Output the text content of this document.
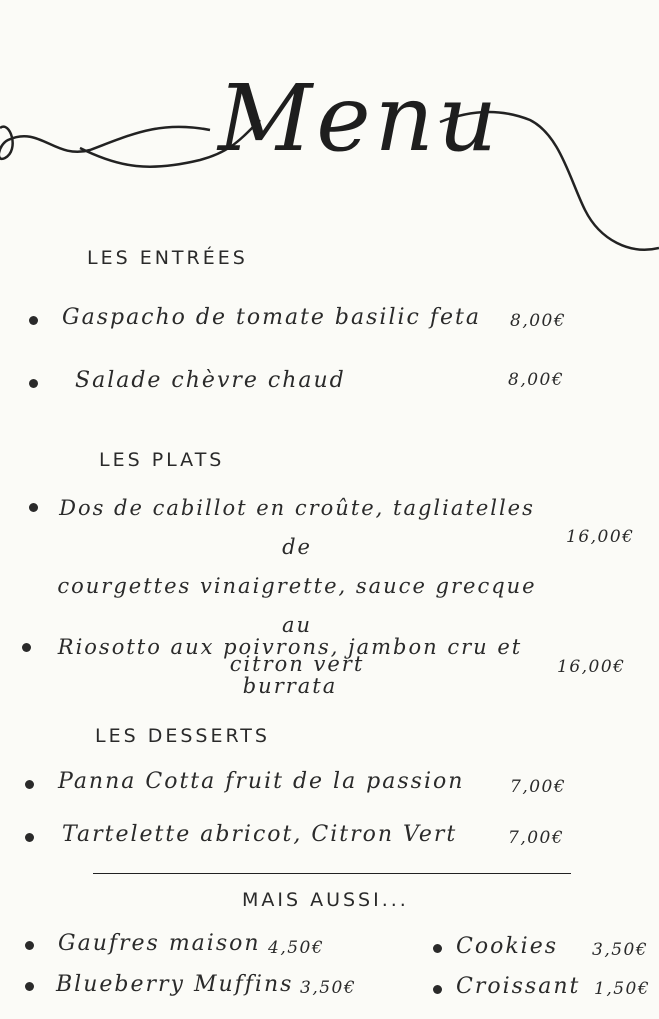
Menu
LES ENTRÉES
Gaspacho de tomate basilic feta 8,00€
Salade chèvre chaud	8,00€
LES PLATS
Dos de cabillot en croûte, tagliatelles de
courgettes vinaigrette, sauce grecque au
citron vert
16,00€
Riosotto aux poivrons, jambon cru et
burrata
16,00€
LES DESSERTS
Panna Cotta fruit de la passion	7,00€
Tartelette abricot, Citron Vert	7,00€
MAIS AUSSI...
Gaufres maison 4,50€
Blueberry Muffins 3,50€
Cookies 3,50€
Croissant 1,50€
